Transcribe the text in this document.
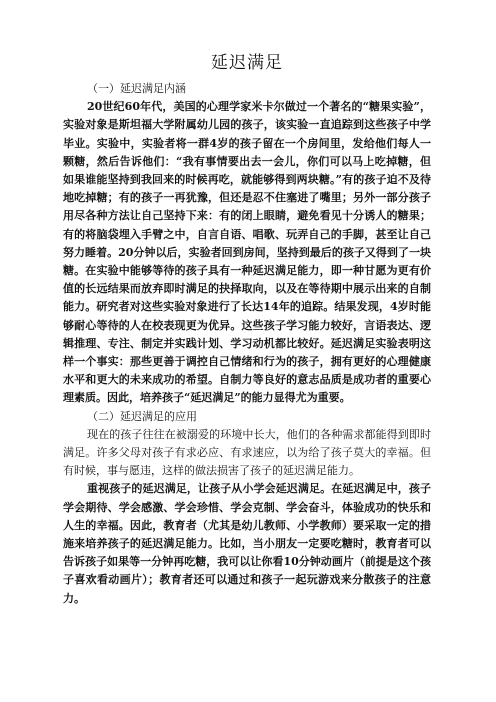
延迟满足
（一）延迟满足内涵

20世纪60年代，美国的心理学家米卡尔做过一个著名的“糖果实验”，实验对象是斯坦福大学附属幼儿园的孩子，该实验一直追踪到这些孩子中学毕业。实验中，实验者将一群4岁的孩子留在一个房间里，发给他们每人一颗糖，然后告诉他们：“我有事情要出去一会儿，你们可以马上吃掉糖，但如果谁能坚持到我回来的时候再吃，就能够得到两块糖。”有的孩子迫不及待地吃掉糖；有的孩子一再犹豫，但还是忍不住塞进了嘴里；另外一部分孩子用尽各种方法让自己坚持下来：有的闭上眼睛，避免看见十分诱人的糖果；有的将脑袋埋入手臂之中，自言自语、唱歌、玩弄自己的手脚，甚至让自己努力睡着。20分钟以后，实验者回到房间，坚持到最后的孩子又得到了一块糖。在实验中能够等待的孩子具有一种延迟满足能力，即一种甘愿为更有价值的长远结果而放弃即时满足的抉择取向，以及在等待期中展示出来的自制能力。研究者对这些实验对象进行了长达14年的追踪。结果发现，4岁时能够耐心等待的人在校表现更为优异。这些孩子学习能力较好，言语表达、逻辑推理、专注、制定并实践计划、学习动机都比较好。延迟满足实验表明这样一个事实：那些更善于调控自己情绪和行为的孩子，拥有更好的心理健康水平和更大的未来成功的希望。自制力等良好的意志品质是成功者的重要心理素质。因此，培养孩子“延迟满足”的能力显得尤为重要。

（二）延迟满足的应用

现在的孩子往往在被溺爱的环境中长大，他们的各种需求都能得到即时满足。许多父母对孩子有求必应、有求速应，以为给了孩子莫大的幸福。但有时候，事与愿违，这样的做法损害了孩子的延迟满足能力。

重视孩子的延迟满足，让孩子从小学会延迟满足。在延迟满足中，孩子学会期待、学会感激、学会珍惜、学会克制、学会奋斗，体验成功的快乐和人生的幸福。因此，教育者（尤其是幼儿教师、小学教师）要采取一定的措施来培养孩子的延迟满足能力。比如，当小朋友一定要吃糖时，教育者可以告诉孩子如果等一分钟再吃糖，我可以让你看10分钟动画片（前提是这个孩子喜欢看动画片）；教育者还可以通过和孩子一起玩游戏来分散孩子的注意力。
